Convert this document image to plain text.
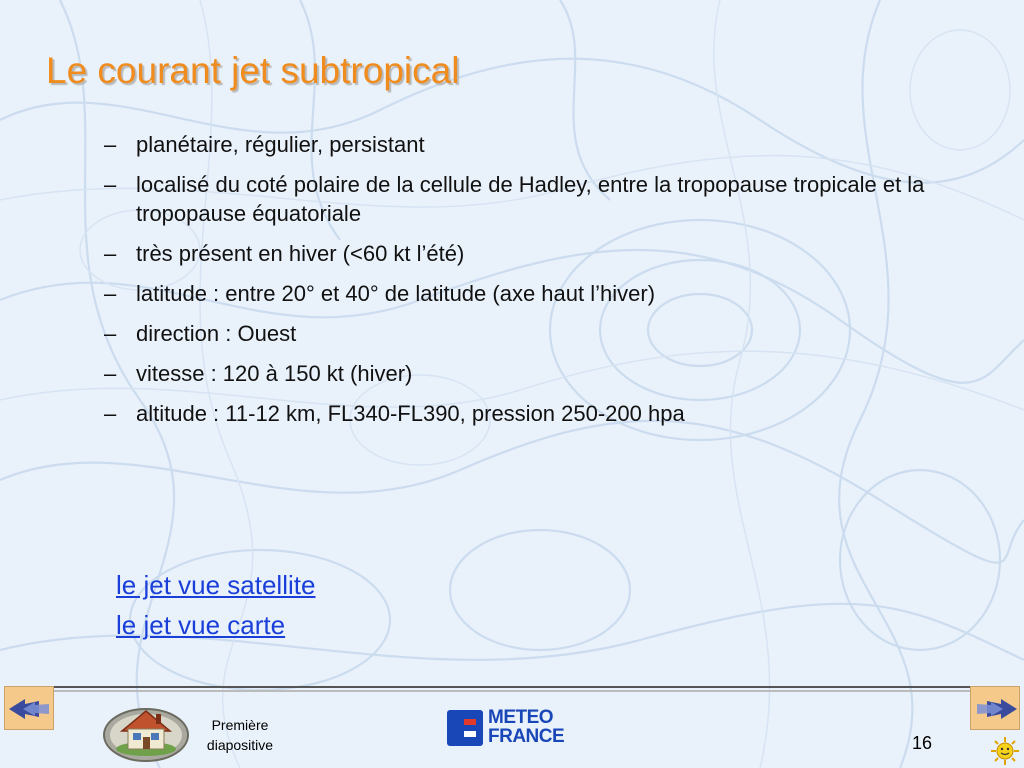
Le courant jet subtropical
– planétaire, régulier, persistant
– localisé du coté polaire de la cellule de Hadley, entre la tropopause tropicale et la tropopause équatoriale
– très présent en hiver (<60 kt l’été)
– latitude : entre 20° et 40° de latitude (axe haut l’hiver)
– direction : Ouest
– vitesse : 120 à 150 kt (hiver)
– altitude : 11-12 km, FL340-FL390, pression 250-200 hpa
le jet vue satellite
le jet vue carte
Première
diapositive
METEO
FRANCE	16
